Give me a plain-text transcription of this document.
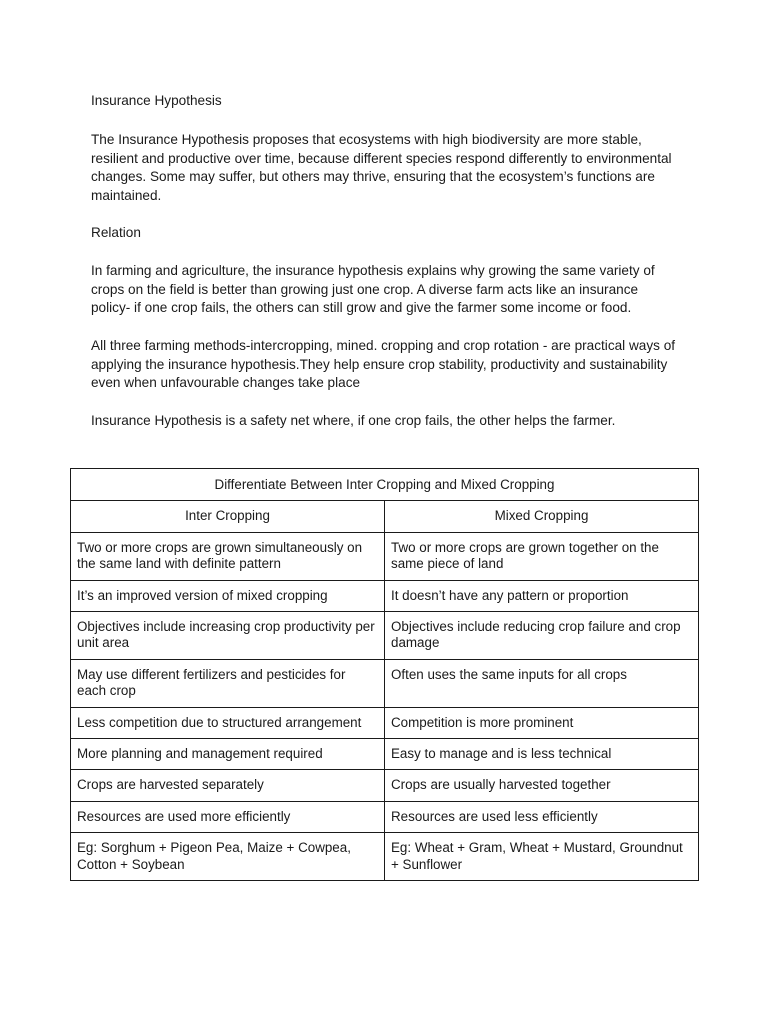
Insurance Hypothesis

The Insurance Hypothesis proposes that ecosystems with high biodiversity are more stable, resilient and productive over time, because different species respond differently to environmental changes. Some may suffer, but others may thrive, ensuring that the ecosystem’s functions are maintained.

Relation

In farming and agriculture, the insurance hypothesis explains why growing the same variety of crops on the field is better than growing just one crop. A diverse farm acts like an insurance policy- if one crop fails, the others can still grow and give the farmer some income or food.

All three farming methods-intercropping, mined. cropping and crop rotation - are practical ways of applying the insurance hypothesis.They help ensure crop stability, productivity and sustainability even when unfavourable changes take place

Insurance Hypothesis is a safety net where, if one crop fails, the other helps the farmer.

Differentiate Between Inter Cropping and Mixed Cropping	
Inter Cropping	Mixed Cropping
Two or more crops are grown simultaneously on the same land with definite pattern	Two or more crops are grown together on the same piece of land
It’s an improved version of mixed cropping	It doesn’t have any pattern or proportion
Objectives include increasing crop productivity per unit area	Objectives include reducing crop failure and crop damage
May use different fertilizers and pesticides for each crop	Often uses the same inputs for all crops
Less competition due to structured arrangement	Competition is more prominent
More planning and management required	Easy to manage and is less technical
Crops are harvested separately	Crops are usually harvested together
Resources are used more efficiently	Resources are used less efficiently
Eg: Sorghum + Pigeon Pea, Maize + Cowpea, Cotton + Soybean	Eg: Wheat + Gram, Wheat + Mustard, Groundnut + Sunflower
